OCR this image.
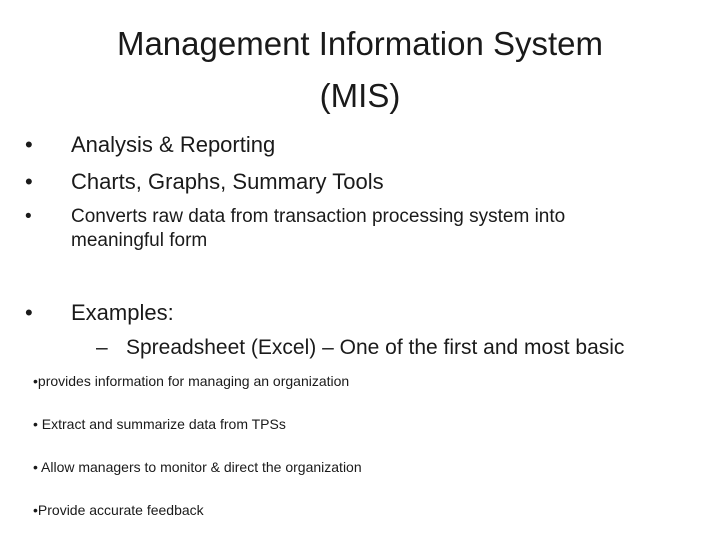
Management Information System
(MIS)
• Analysis & Reporting
• Charts, Graphs, Summary Tools
• Converts raw data from transaction processing system into meaningful form
• Examples:
– Spreadsheet (Excel) – One of the first and most basic
•provides information for managing an organization
• Extract and summarize data from TPSs
• Allow managers to monitor & direct the organization
•Provide accurate feedback
